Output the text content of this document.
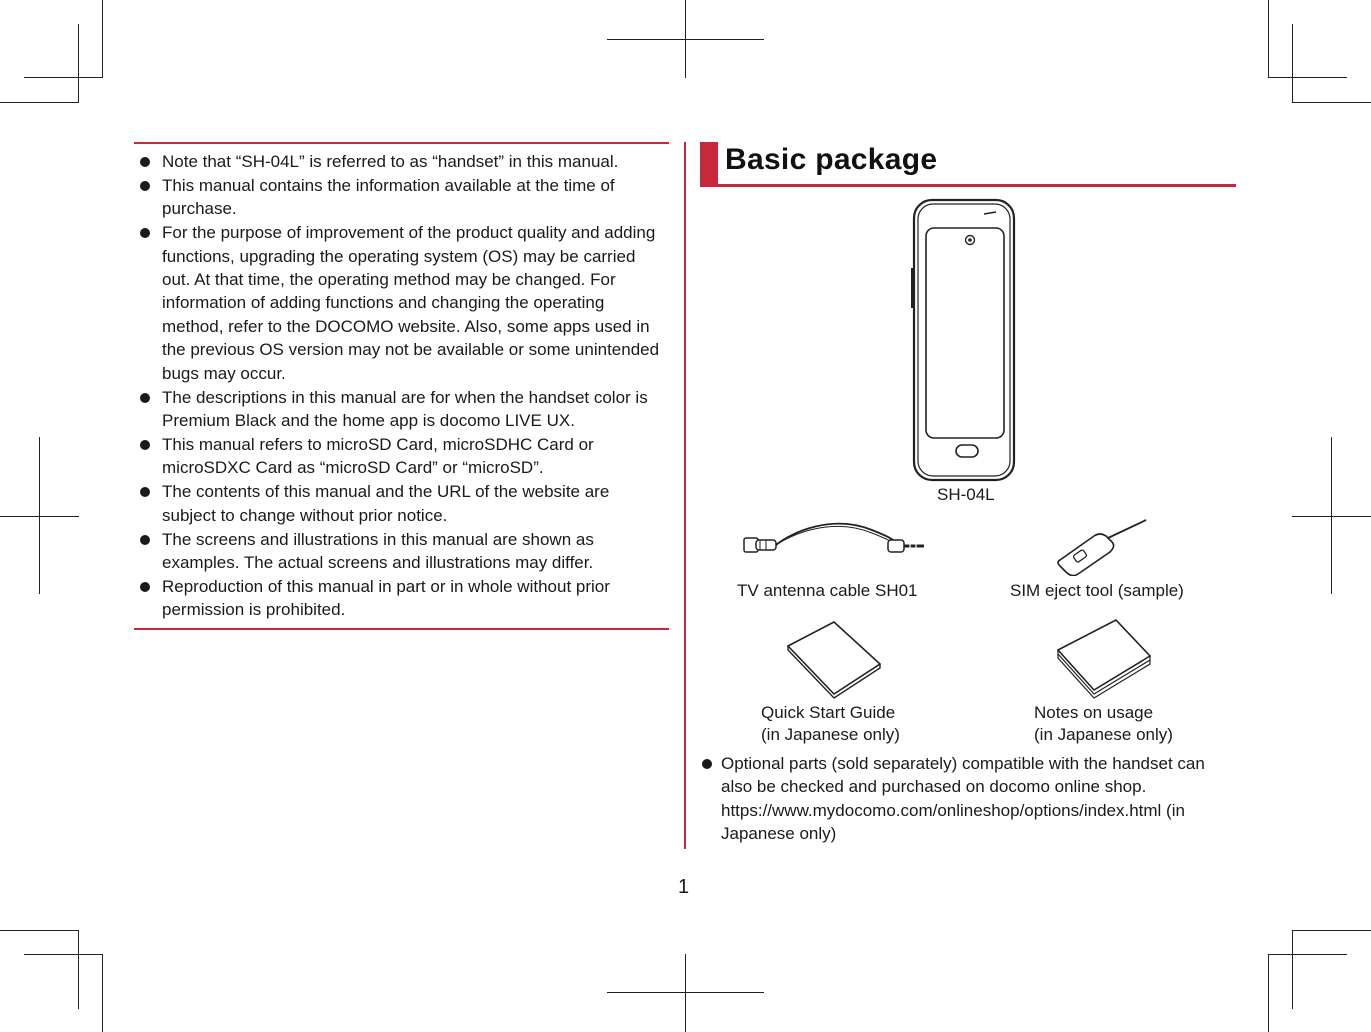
Note that “SH-04L” is referred to as “handset” in this manual.
This manual contains the information available at the time of purchase.
For the purpose of improvement of the product quality and adding functions, upgrading the operating system (OS) may be carried out. At that time, the operating method may be changed. For information of adding functions and changing the operating method, refer to the DOCOMO website. Also, some apps used in the previous OS version may not be available or some unintended bugs may occur.
The descriptions in this manual are for when the handset color is Premium Black and the home app is docomo LIVE UX.
This manual refers to microSD Card, microSDHC Card or microSDXC Card as “microSD Card” or “microSD”.
The contents of this manual and the URL of the website are subject to change without prior notice.
The screens and illustrations in this manual are shown as examples. The actual screens and illustrations may differ.
Reproduction of this manual in part or in whole without prior permission is prohibited.
Basic package
SH-04L
TV antenna cable SH01	SIM eject tool (sample)
Quick Start Guide
(in Japanese only)
Notes on usage
(in Japanese only)
Optional parts (sold separately) compatible with the handset can also be checked and purchased on docomo online shop.
https://www.mydocomo.com/onlineshop/options/index.html (in Japanese only)
1
